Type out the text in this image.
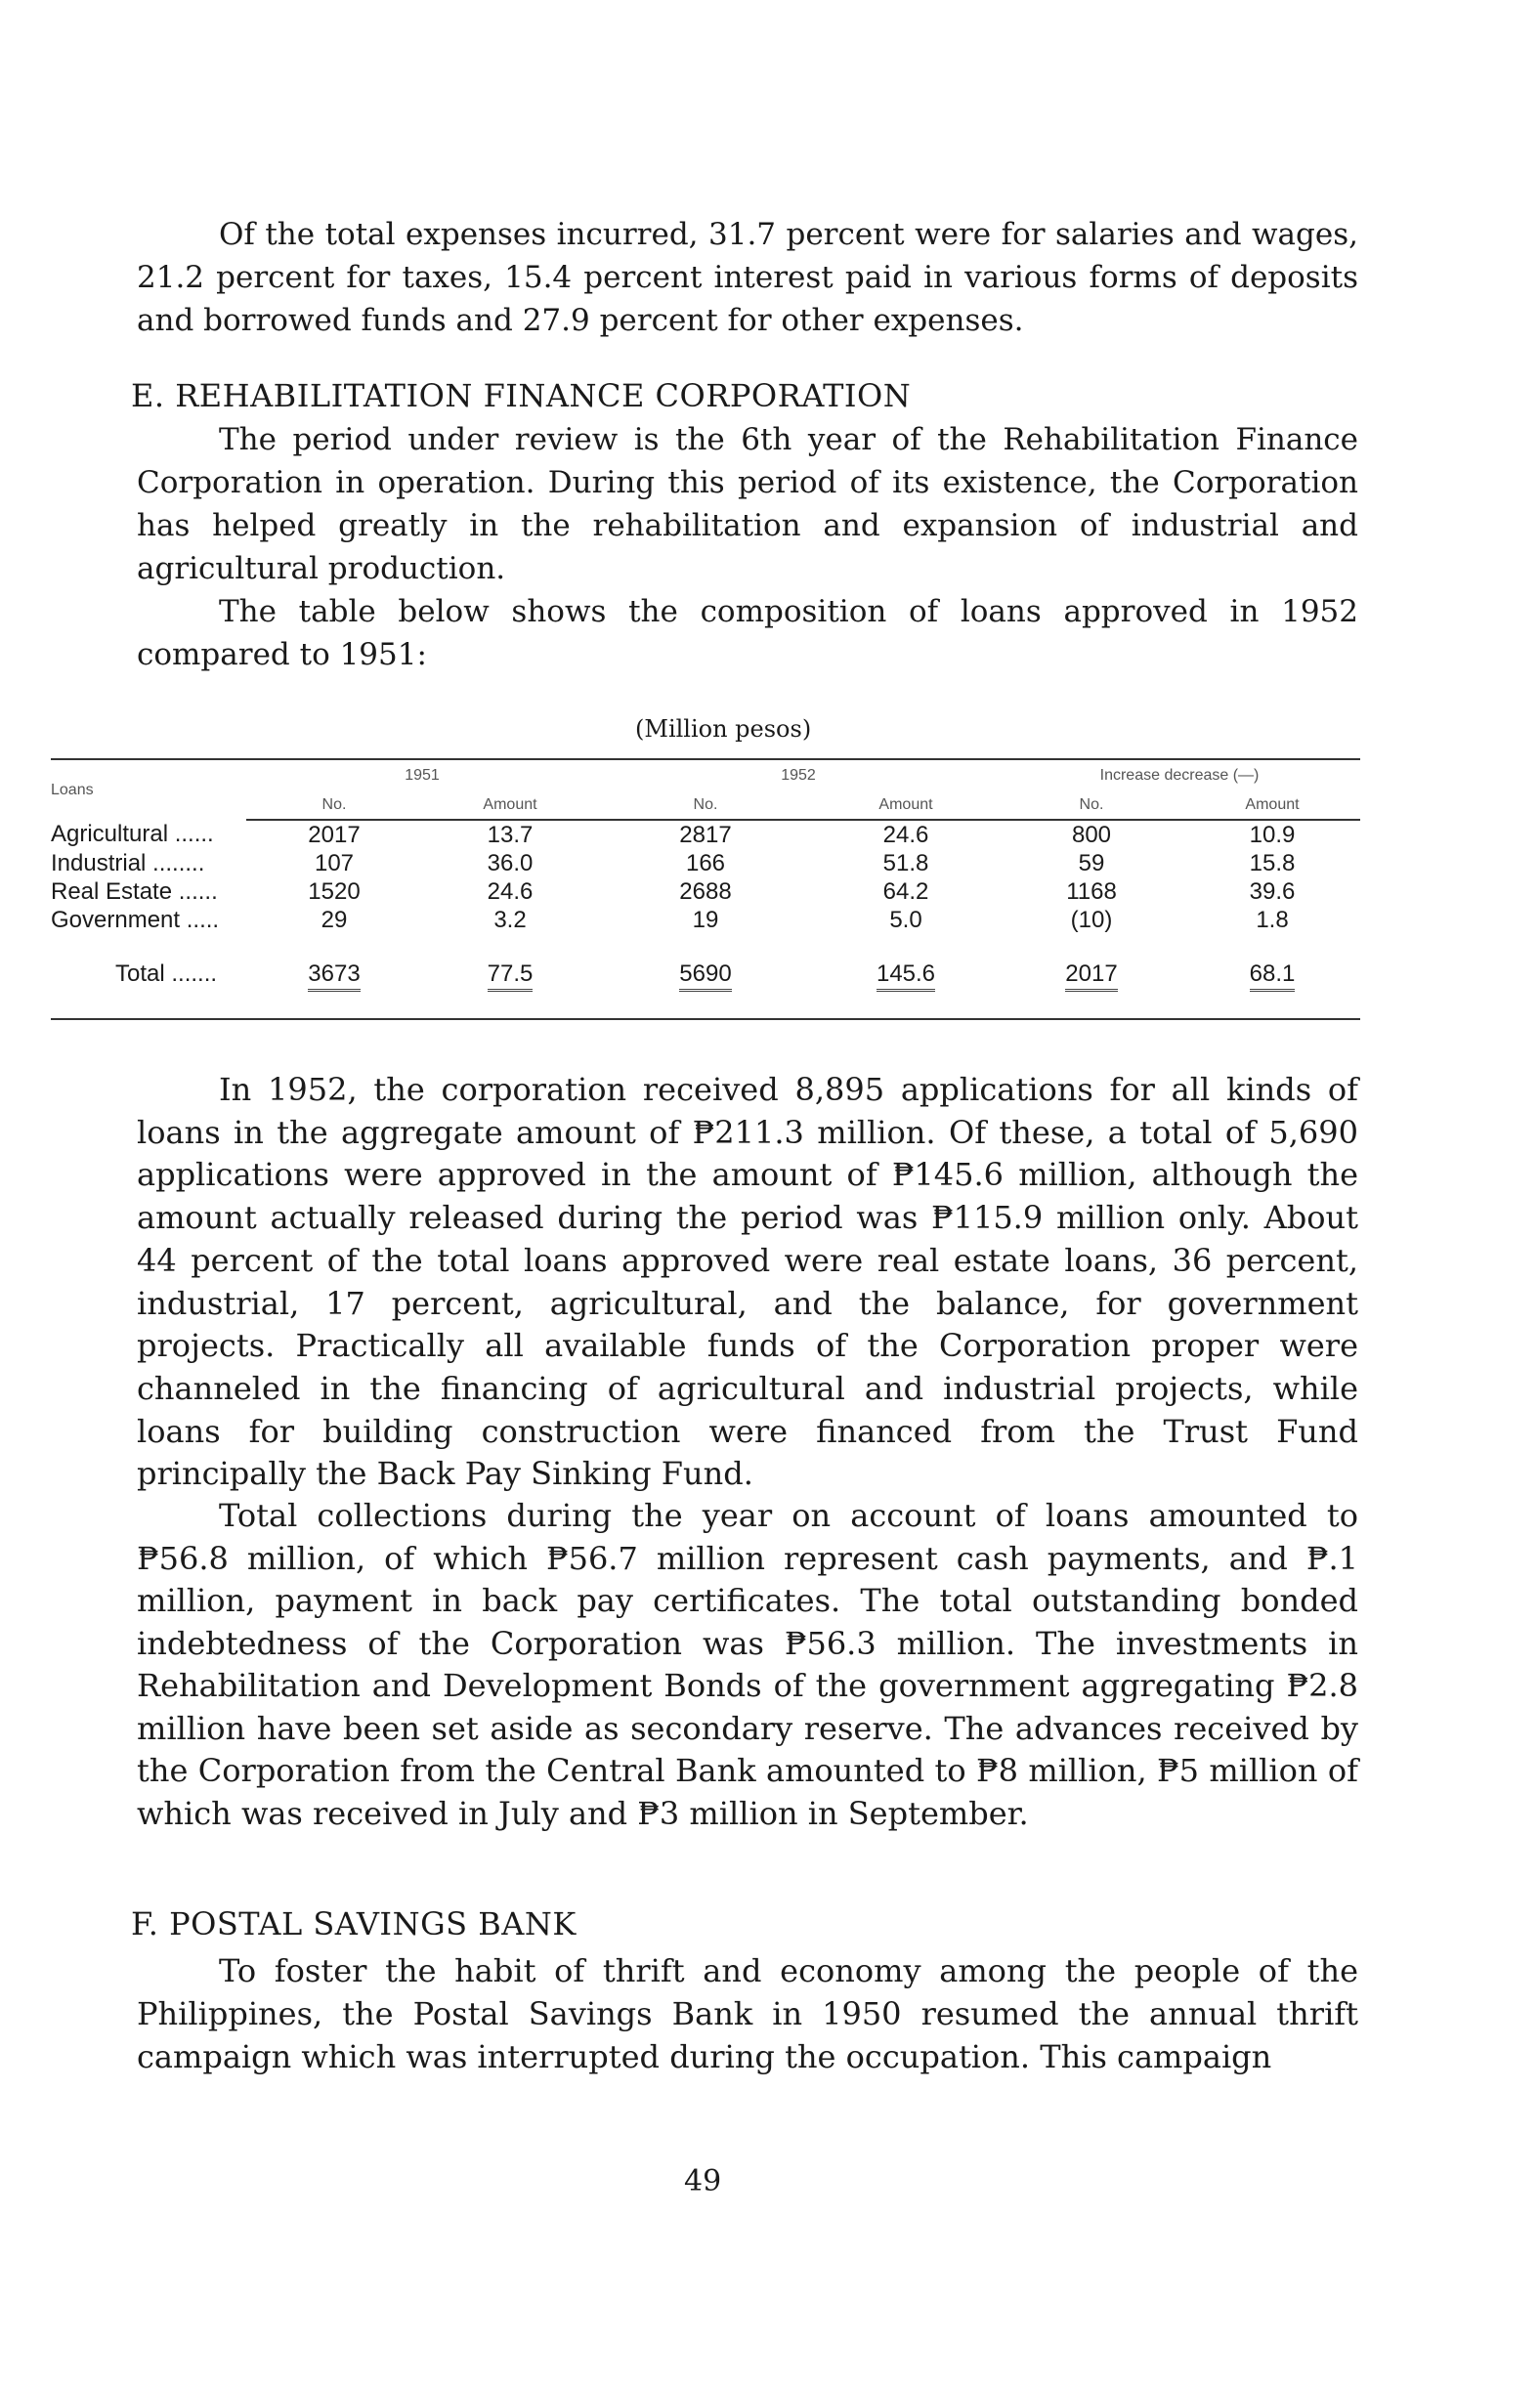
Of the total expenses incurred, 31.7 percent were for salaries and wages, 21.2 percent for taxes, 15.4 percent interest paid in various forms of deposits and borrowed funds and 27.9 percent for other expenses.

E. REHABILITATION FINANCE CORPORATION

The period under review is the 6th year of the Rehabilitation Finance Corporation in operation. During this period of its existence, the Corporation has helped greatly in the rehabilitation and expansion of industrial and agricultural production.

The table below shows the composition of loans approved in 1952 compared to 1951:

(Million pesos)
Loans	1951		1952		Increase decrease (—)	
	No.	Amount	No.	Amount	No.	Amount
Agricultural ......	2017	13.7	2817	24.6	800	10.9
Industrial ........	107	36.0	166	51.8	59	15.8
Real Estate ......	1520	24.6	2688	64.2	1168	39.6
Government .....	29	3.2	19	5.0	(10)	1.8
Total .......	3673	77.5	5690	145.6	2017	68.1

In 1952, the corporation received 8,895 applications for all kinds of loans in the aggregate amount of ₱211.3 million. Of these, a total of 5,690 applications were approved in the amount of ₱145.6 million, although the amount actually released during the period was ₱115.9 million only. About 44 percent of the total loans approved were real estate loans, 36 percent, industrial, 17 percent, agricultural, and the balance, for government projects. Practically all available funds of the Corporation proper were channeled in the financing of agricultural and industrial projects, while loans for building construction were financed from the Trust Fund principally the Back Pay Sinking Fund.

Total collections during the year on account of loans amounted to ₱56.8 million, of which ₱56.7 million represent cash payments, and ₱.1 million, payment in back pay certificates. The total outstanding bonded indebtedness of the Corporation was ₱56.3 million. The investments in Rehabilitation and Development Bonds of the government aggregating ₱2.8 million have been set aside as secondary reserve. The advances received by the Corporation from the Central Bank amounted to ₱8 million, ₱5 million of which was received in July and ₱3 million in September.

F. POSTAL SAVINGS BANK

To foster the habit of thrift and economy among the people of the Philippines, the Postal Savings Bank in 1950 resumed the annual thrift campaign which was interrupted during the occupation. This campaign

49
